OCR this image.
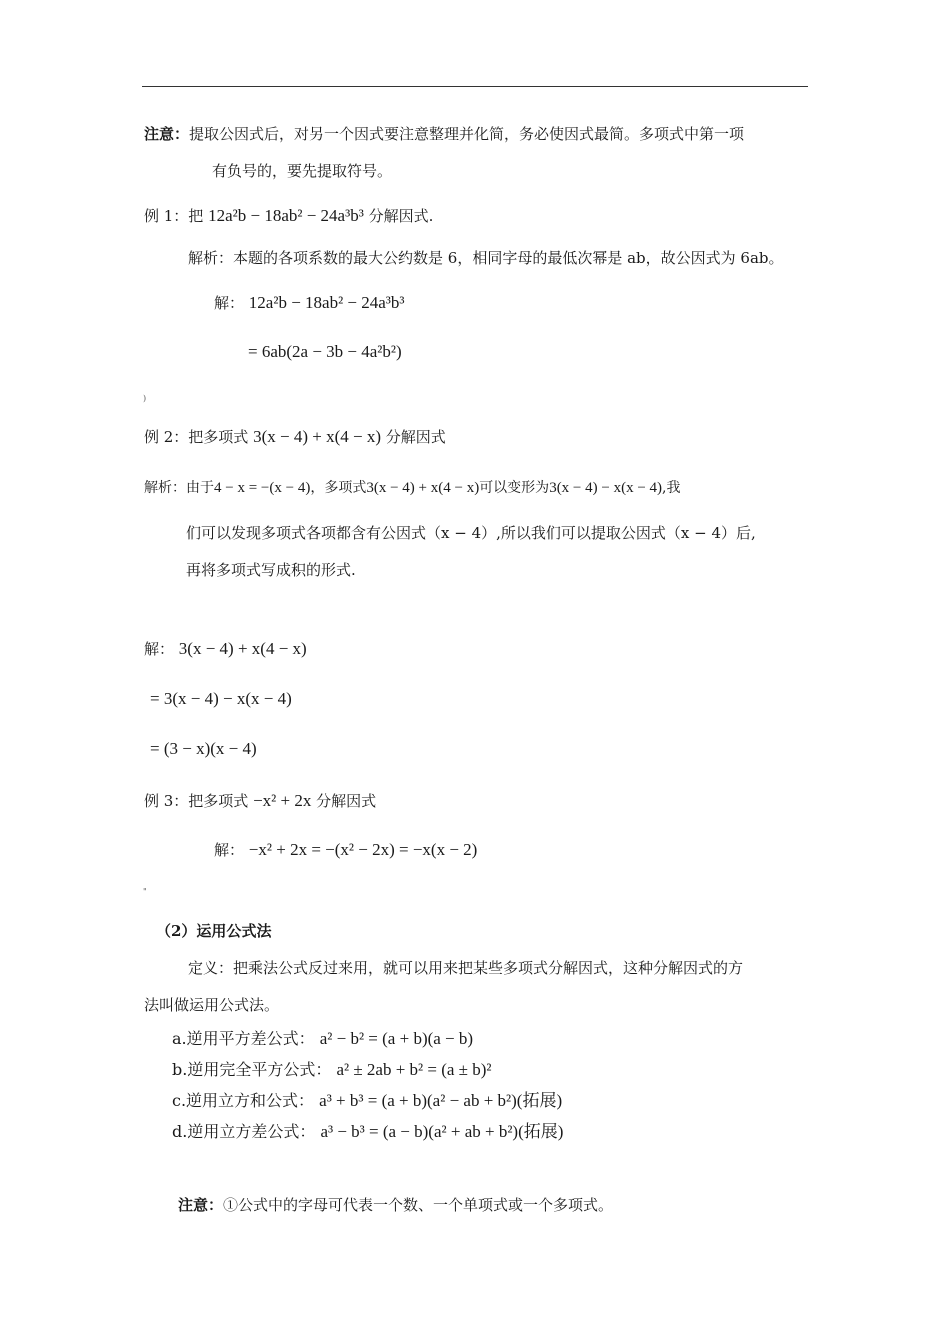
注意：提取公因式后，对另一个因式要注意整理并化简，务必使因式最简。多项式中第一项
有负号的，要先提取符号。
例 1：把 12a²b − 18ab² − 24a³b³ 分解因式.
解析：本题的各项系数的最大公约数是 6，相同字母的最低次幂是 ab，故公因式为 6ab。
解： 12a²b − 18ab² − 24a³b³
= 6ab(2a − 3b − 4a²b²)
)
例 2：把多项式 3(x − 4) + x(4 − x) 分解因式
解析：由于4 − x = −(x − 4)，多项式3(x − 4) + x(4 − x)可以变形为3(x − 4) − x(x − 4),我
们可以发现多项式各项都含有公因式（x − 4）,所以我们可以提取公因式（x − 4）后,
再将多项式写成积的形式.
解： 3(x − 4) + x(4 − x)
= 3(x − 4) − x(x − 4)
= (3 − x)(x − 4)
例 3：把多项式 −x² + 2x 分解因式
解： −x² + 2x = −(x² − 2x) = −x(x − 2)
"
（2）运用公式法
定义：把乘法公式反过来用，就可以用来把某些多项式分解因式，这种分解因式的方
法叫做运用公式法。
a.逆用平方差公式： a² − b² = (a + b)(a − b)
b.逆用完全平方公式： a² ± 2ab + b² = (a ± b)²
c.逆用立方和公式： a³ + b³ = (a + b)(a² − ab + b²)(拓展)
d.逆用立方差公式： a³ − b³ = (a − b)(a² + ab + b²)(拓展)
注意：①公式中的字母可代表一个数、一个单项式或一个多项式。
